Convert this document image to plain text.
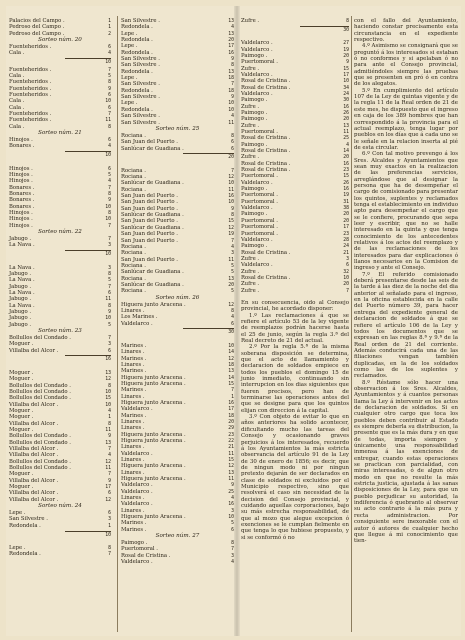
Palacios del Campo .	1
Pedroso del Campo .	1
Pedroso del Campo .	2
Sorteo núm. 20
Fuenteheridos .	6
Cala .	4
10
Fuenteheridos .	7
Cala .	5
Fuenteheridos .	8
Fuenteheridos .	9
Fuenteheridos .	6
Cala .	10
Cala .	6
Fuenteheridos .	7
Fuenteheridos .	11
Cala .	8
Sorteo núm. 21
Hinojos .	6
Bonares .	4
10
Hinojos .	6
Hinojos .	5
Hinojos .	4
Bonares .	7
Bonares .	8
Bonares .	9
Bonares .	10
Hinojos .	8
Hinojos .	10
Hinojos .	7
Sorteo núm. 22
Jabugo .	7
La Nava .	3
10
La Nava .	3
Jabugo .	8
La Nava .	5
Jabugo .	7
La Nava .	6
Jabugo .	11
La Nava .	8
Jabugo .	9
Jabugo .	10
Jabugo .	5
Sorteo núm. 23
Bollullos del Condado .	7
Moguer .	3
Villalba del Alcor .	6
16
Moguer .	13
Moguer .	12
Bollullos del Condado .	8
Bollullos del Condado .	10
Bollullos del Condado .	15
Villalba del Alcor .	10
Moguer .	4
Moguer .	1
Villalba del Alcor .	8
Moguer .	11
Bollullos del Condado .	9
Bollullos del Condado .	13
Villalba del Alcor .	7
Villalba del Alcor .	4
Bollullos del Condado .	12
Bollullos del Condado .	11
Moguer .	7
Villalba del Alcor .	9
Moguer .	17
Villalba del Alcor .	6
Villalba del Alcor .	12
Sorteo núm. 24
Lepe .	6
San Silvestre .	3
Redondela .	1
10
Lepe .	8
Redondela .	7
San Silvestre .	13
Redondela .	4
Lepe .	13
Redondela .	20
Lepe .	17
Redondela .	16
San Silvestre .	9
San Silvestre .	8
Redondela .	13
Lepe .	18
San Silvestre .	7
Redondela .	18
San Silvestre .	9
Lepe .	10
Redondela .	10
San Silvestre .	4
San Silvestre .	11
Sorteo núm. 25
Rociana .	8
San Juan del Puerto .	6
Sanlúcar de Guadiana .	6
20
Rociana .	7
Rociana .	12
Sanlúcar de Guadiana .	10
Rociana .	11
San Juan del Puerto .	16
San Juan del Puerto .	10
San Juan del Puerto .	9
Sanlúcar de Guadiana .	8
San Juan del Puerto .	15
Sanlúcar de Guadiana .	12
San Juan del Puerto .	19
San Juan del Puerto .	7
Rociana .	4
Rociana .	3
San Juan del Puerto .	11
Rociana .	5
Sanlúcar de Guadiana .	5
Rociana .	13
Sanlúcar de Guadiana .	20
Rociana .	5
Sorteo núm. 26
Higuera junto Aracena .	12
Linares .	8
Los Marines .	4
Valdelarco .	6
30
Marines .	10
Linares .	14
Marines .	12
Linares .	18
Marines .	13
Higuera junto Aracena .	14
Higuera junto Aracena .	15
Marines .	7
Linares .	1
Higuera junto Aracena .	16
Valdelarco .	17
Marines .	18
Linares .	20
Linares .	29
Higuera junto Aracena .	23
Higuera junto Aracena .	22
Linares .	21
Valdelarco .	11
Linares .	15
Higuera junto Aracena .	12
Linares .	13
Higuera junto Aracena .	11
Valdelarco .	9
Valdelarco .	25
Linares .	4
Valdelarco .	16
Linares .	3
Higuera junto Aracena .	10
Marines .	5
Marines .	6
Sorteo núm. 27
Paimogo .	8
Puertomoral .	7
Rosal de Cristina .	3
Valdelarco .	4
Zufre .	8
30
Valdelarco .	27
Valdelarco .	19
Paimogo .	20
Puertomoral .	9
Zufre .	15
Valdelarco .	17
Rosal de Cristina .	10
Rosal de Cristina .	34
Valdelarco .	24
Paimogo .	30
Zufre .	16
Paimogo .	26
Paimogo .	20
Zufre .	13
Puertomoral .	11
Rosal de Cristina .	25
Paimogo .	4
Rosal de Cristina .	14
Zufre .	20
Rosal de Cristina .	16
Rosal de Cristina .	23
Puertomoral .	15
Valdelarco .	26
Paimogo .	16
Puertomoral .	19
Puertomoral .	31
Valdelarco .	38
Paimogo .	20
Puertomoral .	20
Puertomoral .	17
Puertomoral .	23
Valdelarco .	28
Paimogo .	24
Rosal de Cristina .	21
Zufre .	3
Valdelarco .	6
Zufre .	32
Rosal de Cristina .	10
Zufre .	20
Zufre .	7

En su consecuencia, oido al Consejo provincial, he acordado disponer:

1.º Las reclamaciones á que se refiere el artículo 53 de la ley vigente de reemplazos podrán hacerse hasta el 25 de junio, según la regla 3.ª del Real decreto de 21 del actual.

2.º Por la regla 5.ª de la misma soberana disposición se determina, que el acto de llamamiento y declaracion de soldados empiece en todos los pueblos el domingo 15 de junio inmediato, continuando sin interrupcion en los dias siguientes que fueren precisos, pero han de terminarse las operaciones antes del que se designe para que los quintos elijan con direccion á la capital.

3.º Con objeto de evitar lo que en años anteriores ha solido acontecer, dificultando mucho las tareas del Consejo y ocasionando graves perjuicios á los interesados, recuerdo á los Ayuntamientos la más estricta observancia del artículo 91 de la Ley de 30 de enero de 1856; es decir, que de ningun modo ni por ningun pretexto dejarán de ser declarados en clase de soldados ni excluidos por el Municipio respectivo, sino que resolverá el caso sin necesidad de la decision del Consejo provincial, y cuidando aquellas corporaciones, bajo su más estrecha responsabilidad, de que al mozo que alegue excepcion ó exenciones se le cumplan fielmente en que tenga lo que hubiese propuesto, y si se conformó ó no

con el fallo del Ayuntamiento, haciendo constar precisamente esta circunstancia en el expediente respectivo.

4.º Asimismo se consignará que se preguntó á los interesados si estaban ó no conformes y si apelaban ó no para ante el Consejo provincial, admitiéndoles siempre las pruebas que se presenten en pró ó en contra de los alegatos.

5.º En cumplimiento del artículo 107 de la Ley de quintas vigente y de la regla 11 de la Real orden de 21 de este mes, he dispuesto que el ingreso en caja de los 389 hombres que han correspondido á la provincia para el actual reemplazo, tenga lugar por pueblos en los días que á cada uno se le señale en la relacion inserta al pié de esta circular.

6.º Con tal motivo prevengo á los Sres. Alcaldes y Ayuntamientos que sean muy exactos en la realizacion de las preferencias servicios, arreglándose que al designar la persona que ha de desempeñar el cargo de comisionado para presentar los quintos, suplentes y reclamados tenga el establecimiento en individuo apto para desempeñar el cargo que se le confiere, procurando que sepa leer y escribir, que no se halle interesado en la quinta y que tenga conocimiento de los antecedentes relativos á los actos del reemplazo y de las reclamaciones de los interesados para dar explicaciones ó llanos necesarios en la Comision de ingreso y ante el Consejo.

7.º El referido comisionado deberá presentarse desde las seis de la tarde á las diez de la noche del dia anterior al señalado para el ingreso, en la oficina establecida en la calle del Puerto número 39, para hacer entrega del expediente general de declaracion de soldados á que se refiere el artículo 106 de la Ley y todos los documentos que se expresan en las reglas 8.ª y 9.ª de la Real orden de 21 del corriente. Además conducirá cada una de las filiaciones vengan también duplicadas, en la de los soldados como las de los suplentes y reclamados.

8.º Réstame sólo hacer una observacion á los Sres. Alcaldes, Ayuntamientos y á cuantos personas llama la Ley á intervenir en los actos de declaracion de soldados. Si en cualquier otro cargo que toca los pueblos deben contribuir al Estado es siempre deberla su distribucion, la presente que es la más dura y en que de todas, importa siempre y únicamente una responsabilidad inmensa á las exenciones de entregar, cuando estas operaciones se practican con parcialidad, con miras interesadas, ó de algun otro modo en que no resulte la más estricta justicia, ajustada á las sanas disposiciones de la Ley, para que un pueblo perjudicar su autoridad, la indiferencia ó quebranto al observar su acto contrario á la más pura y recta administracion. Por consiguiente sere inexorable con el autor ó autores de cualquier hecho que llegue á mi conocimiento que tien-
